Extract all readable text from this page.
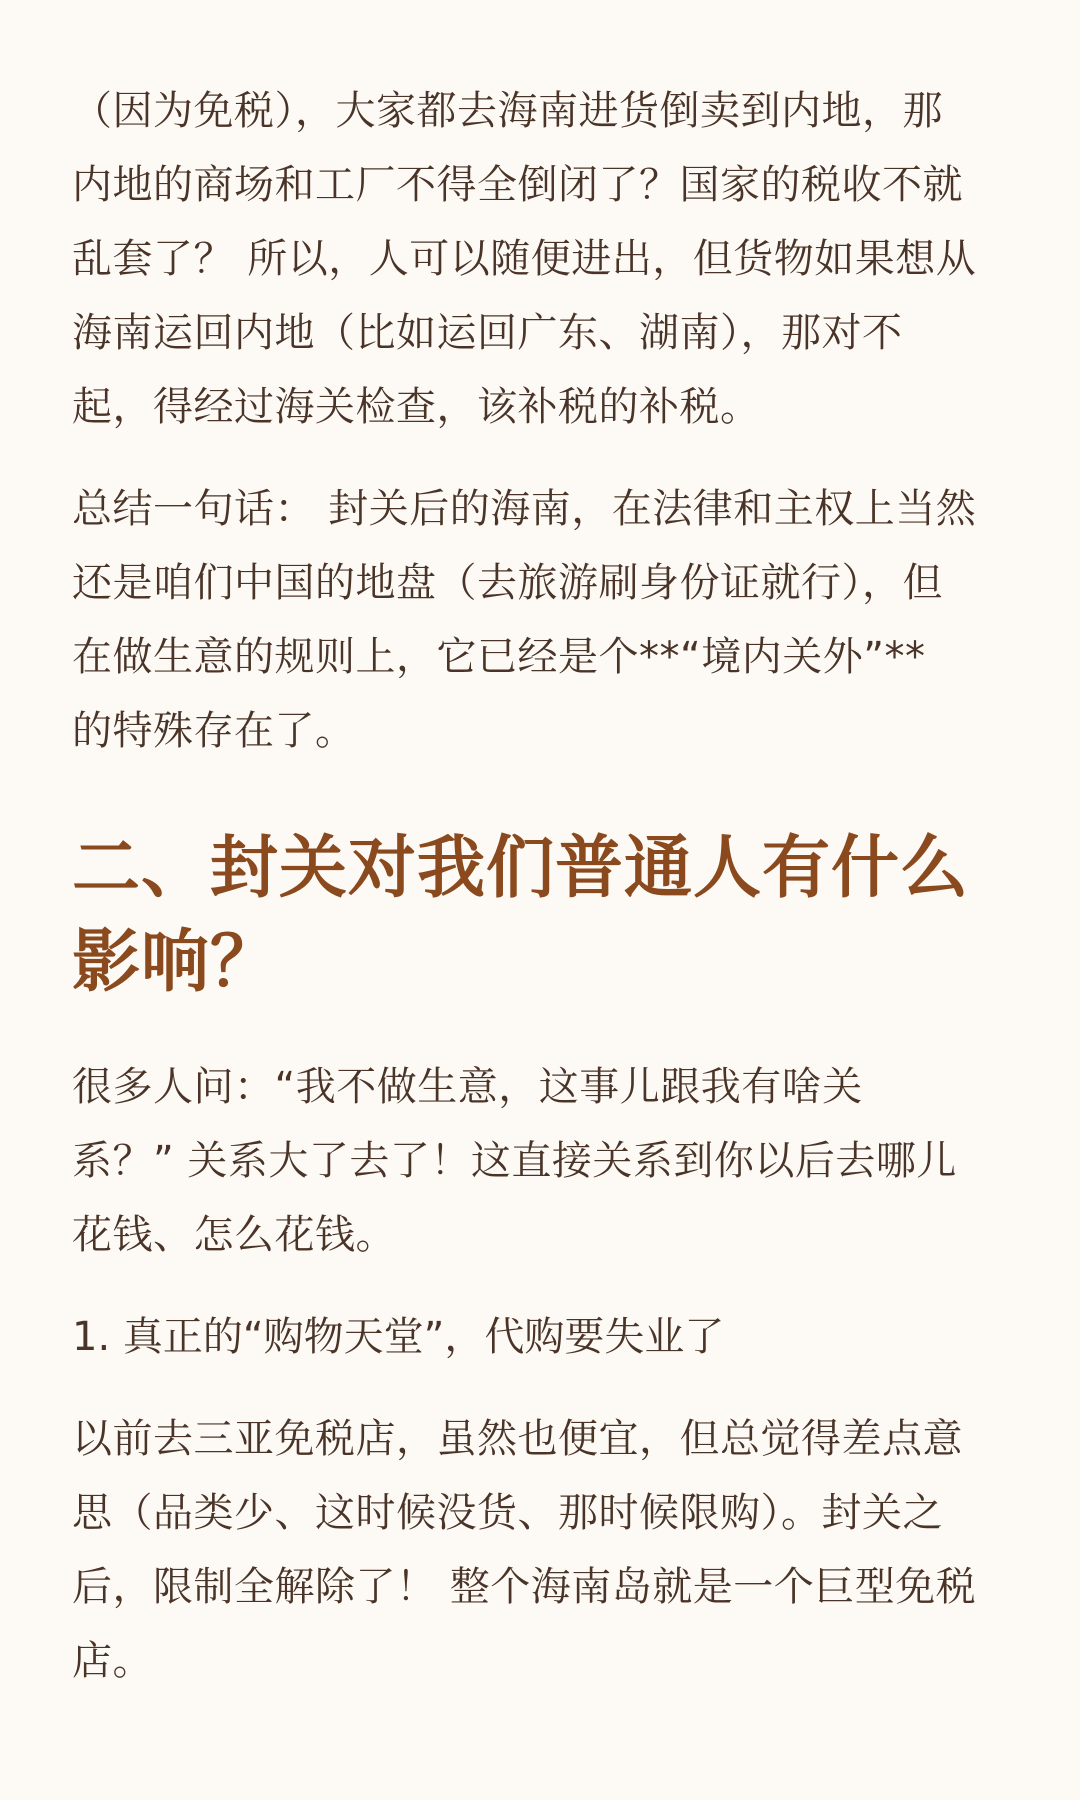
（因为免税），大家都去海南进货倒卖到内地，那
内地的商场和工厂不得全倒闭了？国家的税收不就
乱套了？ 所以，人可以随便进出，但货物如果想从
海南运回内地（比如运回广东、湖南），那对不
起，得经过海关检查，该补税的补税。
总结一句话： 封关后的海南，在法律和主权上当然
还是咱们中国的地盘（去旅游刷身份证就行），但
在做生意的规则上，它已经是个**“境内关外”**
的特殊存在了。
二、封关对我们普通人有什么
影响？
很多人问：“我不做生意，这事儿跟我有啥关
系？” 关系大了去了！这直接关系到你以后去哪儿
花钱、怎么花钱。
1. 真正的“购物天堂”，代购要失业了
以前去三亚免税店，虽然也便宜，但总觉得差点意
思（品类少、这时候没货、那时候限购）。封关之
后，限制全解除了！ 整个海南岛就是一个巨型免税
店。
